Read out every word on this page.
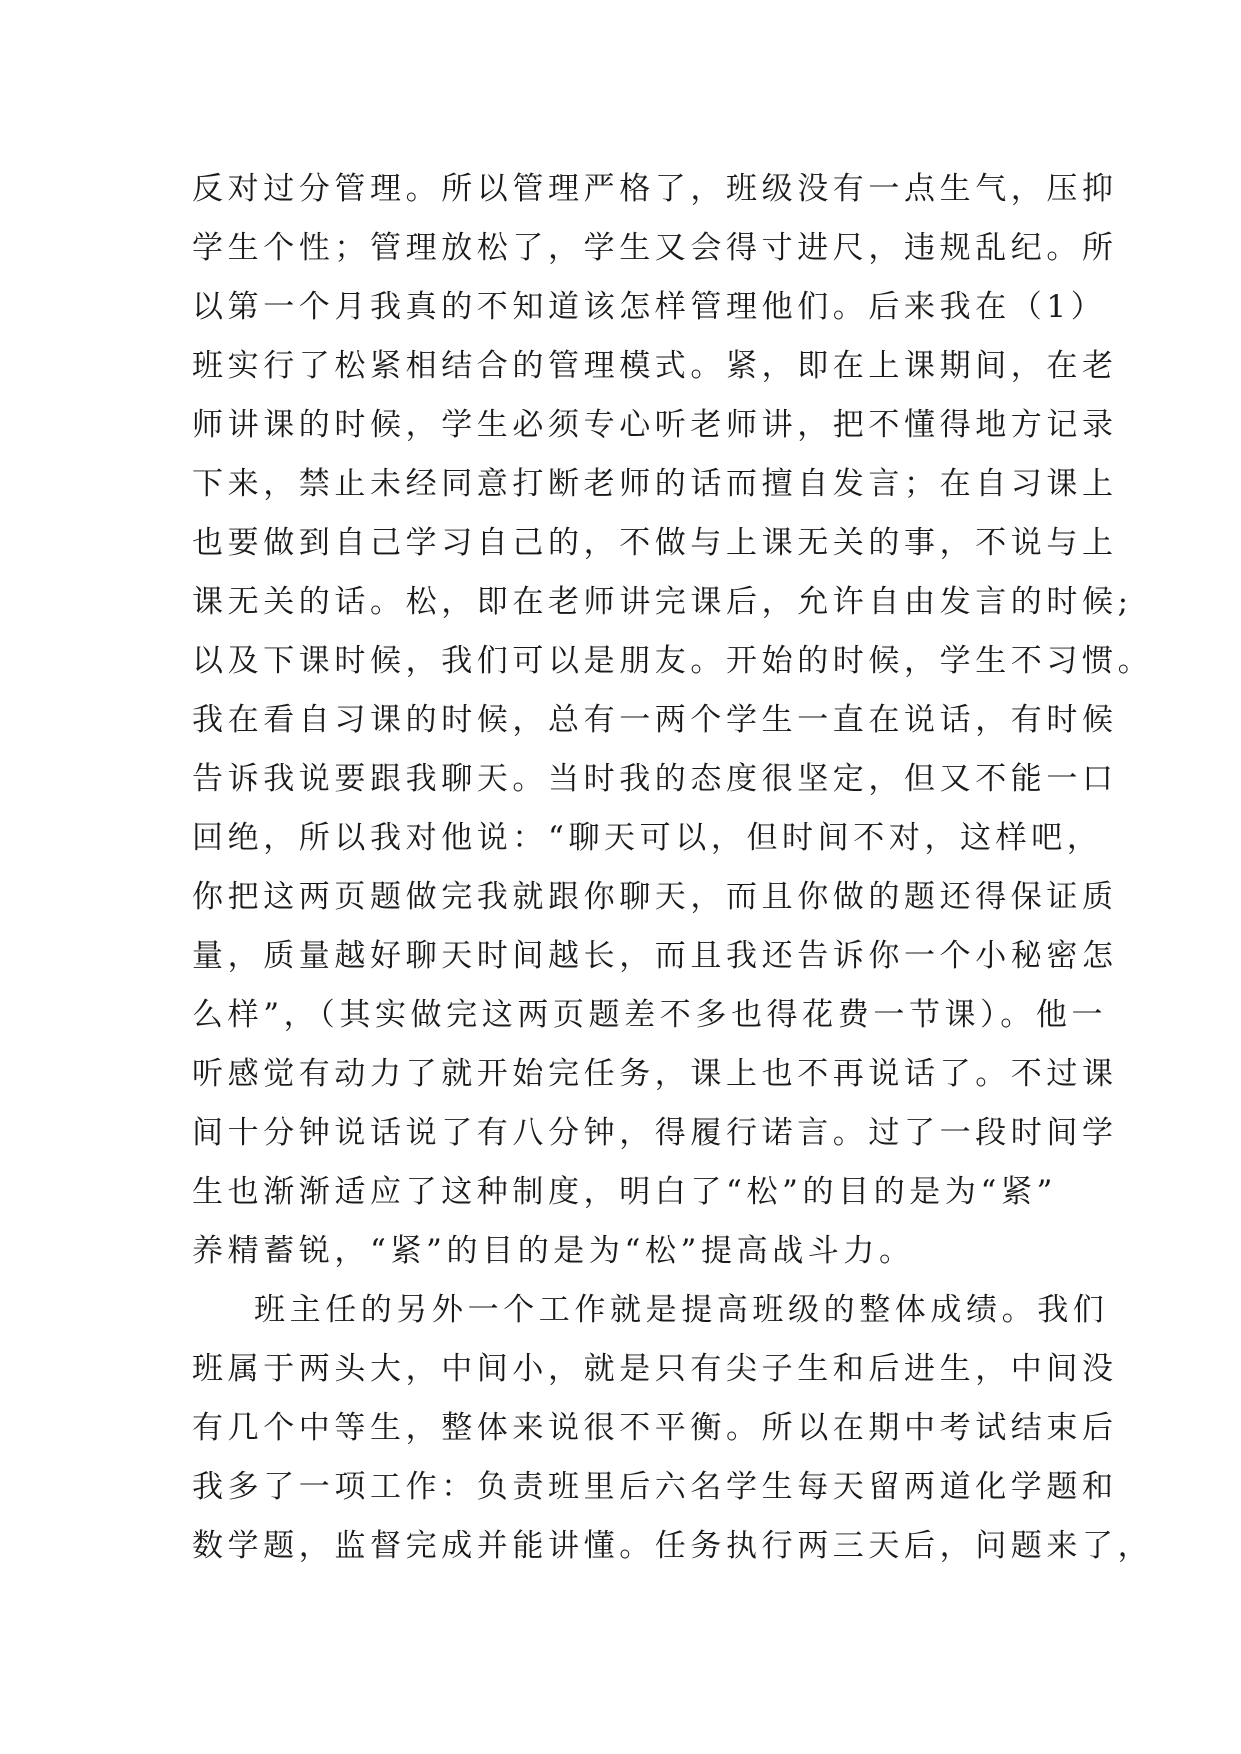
反对过分管理。所以管理严格了，班级没有一点生气，压抑
学生个性；管理放松了，学生又会得寸进尺，违规乱纪。所
以第一个月我真的不知道该怎样管理他们。后来我在（1）
班实行了松紧相结合的管理模式。紧，即在上课期间，在老
师讲课的时候，学生必须专心听老师讲，把不懂得地方记录
下来，禁止未经同意打断老师的话而擅自发言；在自习课上
也要做到自己学习自己的，不做与上课无关的事，不说与上
课无关的话。松，即在老师讲完课后，允许自由发言的时候;
以及下课时候，我们可以是朋友。开始的时候，学生不习惯。
我在看自习课的时候，总有一两个学生一直在说话，有时候
告诉我说要跟我聊天。当时我的态度很坚定，但又不能一口
回绝，所以我对他说：“聊天可以，但时间不对，这样吧，
你把这两页题做完我就跟你聊天，而且你做的题还得保证质
量，质量越好聊天时间越长，而且我还告诉你一个小秘密怎
么样”，（其实做完这两页题差不多也得花费一节课）。他一
听感觉有动力了就开始完任务，课上也不再说话了。不过课
间十分钟说话说了有八分钟，得履行诺言。过了一段时间学
生也渐渐适应了这种制度，明白了“松”的目的是为“紧”
养精蓄锐，“紧”的目的是为“松”提高战斗力。
班主任的另外一个工作就是提高班级的整体成绩。我们
班属于两头大，中间小，就是只有尖子生和后进生，中间没
有几个中等生，整体来说很不平衡。所以在期中考试结束后
我多了一项工作：负责班里后六名学生每天留两道化学题和
数学题，监督完成并能讲懂。任务执行两三天后，问题来了，
